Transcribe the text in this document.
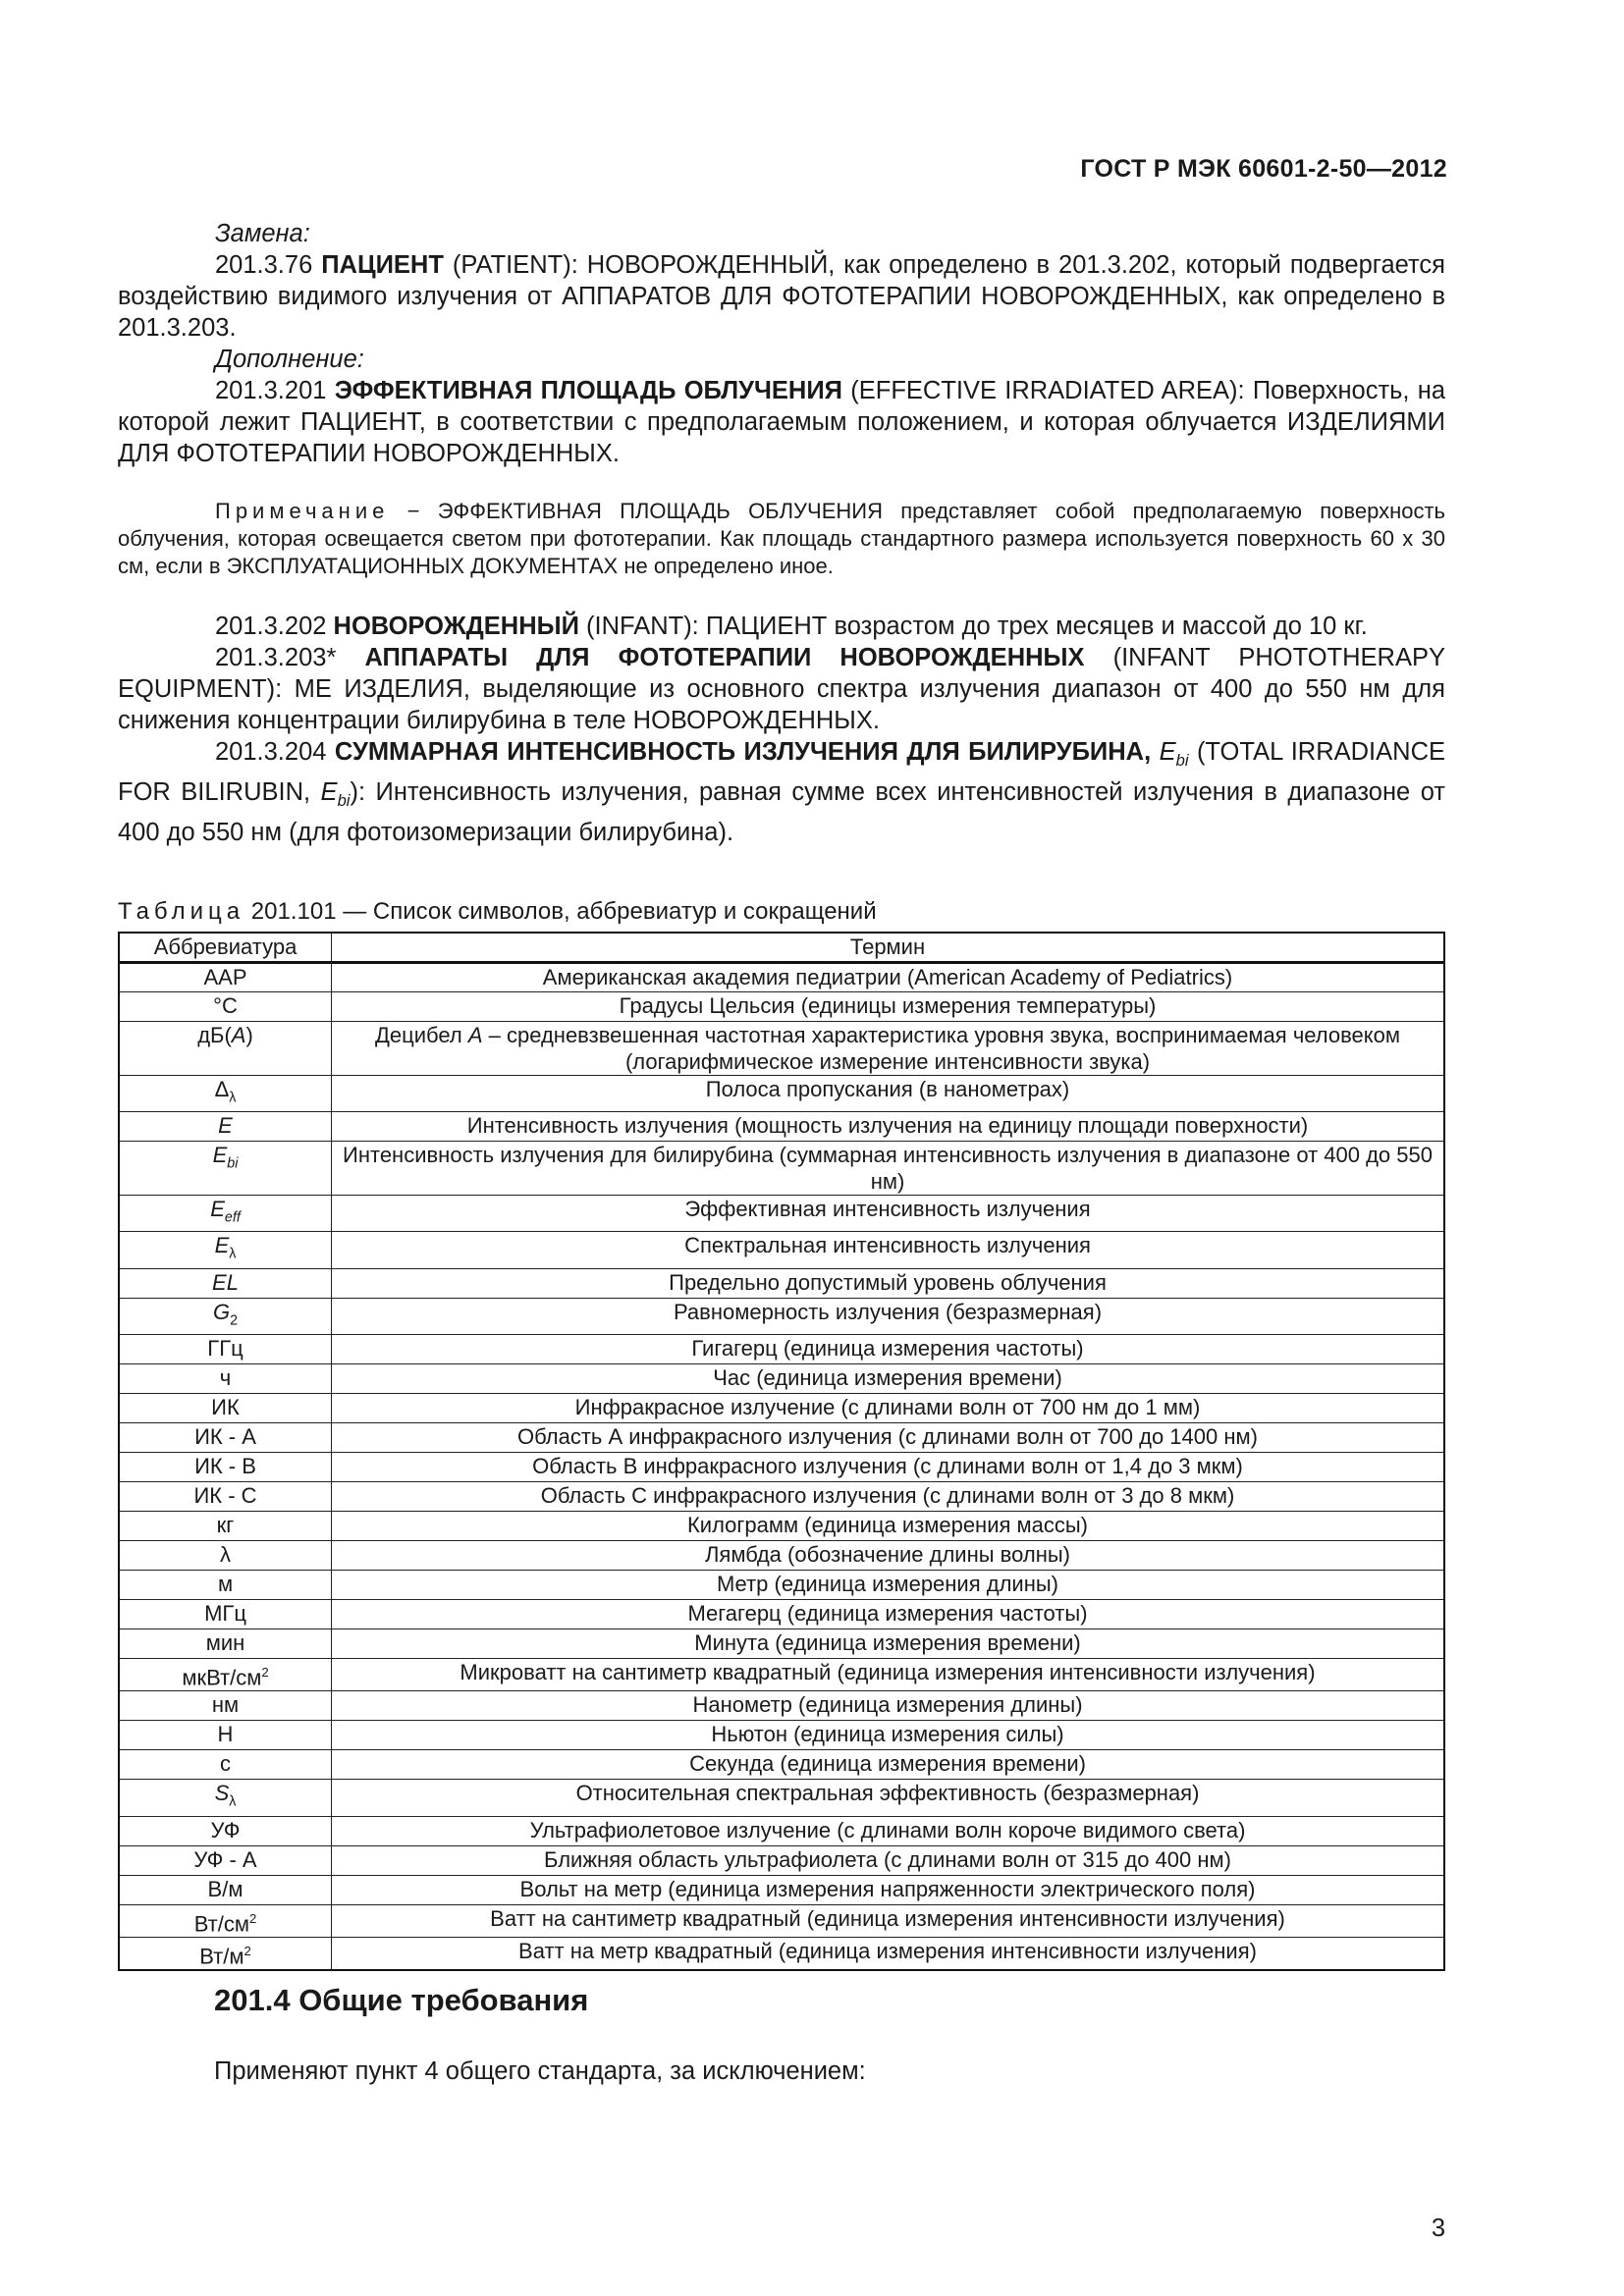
ГОСТ Р МЭК 60601-2-50—2012
Замена:

201.3.76 ПАЦИЕНТ (PATIENT): НОВОРОЖДЕННЫЙ, как определено в 201.3.202, который подвергается воздействию видимого излучения от АППАРАТОВ ДЛЯ ФОТОТЕРАПИИ НОВОРОЖДЕННЫХ, как определено в 201.3.203.

Дополнение:

201.3.201 ЭФФЕКТИВНАЯ ПЛОЩАДЬ ОБЛУЧЕНИЯ (EFFECTIVE IRRADIATED AREA): Поверхность, на которой лежит ПАЦИЕНТ, в соответствии с предполагаемым положением, и которая облучается ИЗДЕЛИЯМИ ДЛЯ ФОТОТЕРАПИИ НОВОРОЖДЕННЫХ.

Примечание − ЭФФЕКТИВНАЯ ПЛОЩАДЬ ОБЛУЧЕНИЯ представляет собой предполагаемую поверхность облучения, которая освещается светом при фототерапии. Как площадь стандартного размера используется поверхность 60 х 30 см, если в ЭКСПЛУАТАЦИОННЫХ ДОКУМЕНТАХ не определено иное.

201.3.202 НОВОРОЖДЕННЫЙ (INFANT): ПАЦИЕНТ возрастом до трех месяцев и массой до 10 кг.

201.3.203* АППАРАТЫ ДЛЯ ФОТОТЕРАПИИ НОВОРОЖДЕННЫХ (INFANT PHOTOTHERAPY EQUIPMENT): МЕ ИЗДЕЛИЯ, выделяющие из основного спектра излучения диапазон от 400 до 550 нм для снижения концентрации билирубина в теле НОВОРОЖДЕННЫХ.

201.3.204 СУММАРНАЯ ИНТЕНСИВНОСТЬ ИЗЛУЧЕНИЯ ДЛЯ БИЛИРУБИНА, $E_{bi}$ (TOTAL IRRADIANCE FOR BILIRUBIN, $E_{bi}$): Интенсивность излучения, равная сумме всех интенсивностей излучения в диапазоне от 400 до 550 нм (для фотоизомеризации билирубина).

Таблица 201.101 — Список символов, аббревиатур и сокращений
Аббревиатура	Термин
AAP	Американская академия педиатрии (American Academy of Pediatrics)
°C	Градусы Цельсия (единицы измерения температуры)
дБ(A)	Децибел A – средневзвешенная частотная характеристика уровня звука, воспринимаемая человеком (логарифмическое измерение интенсивности звука)
$\Delta_\lambda$	Полоса пропускания (в нанометрах)
E	Интенсивность излучения (мощность излучения на единицу площади поверхности)
$E_{bi}$	Интенсивность излучения для билирубина (суммарная интенсивность излучения в диапазоне от 400 до 550 нм)
$E_{eff}$	Эффективная интенсивность излучения
$E_\lambda$	Спектральная интенсивность излучения
EL	Предельно допустимый уровень облучения
$G_2$	Равномерность излучения (безразмерная)
ГГц	Гигагерц (единица измерения частоты)
ч	Час (единица измерения времени)
ИК	Инфракрасное излучение (с длинами волн от 700 нм до 1 мм)
ИК - А	Область А инфракрасного излучения (с длинами волн от 700 до 1400 нм)
ИК - В	Область В инфракрасного излучения (с длинами волн от 1,4 до 3 мкм)
ИК - С	Область С инфракрасного излучения (с длинами волн от 3 до 8 мкм)
кг	Килограмм (единица измерения массы)
λ	Лямбда (обозначение длины волны)
м	Метр (единица измерения длины)
МГц	Мегагерц (единица измерения частоты)
мин	Минута (единица измерения времени)
мкВт/$см^2$	Микроватт на сантиметр квадратный (единица измерения интенсивности излучения)
нм	Нанометр (единица измерения длины)
Н	Ньютон (единица измерения силы)
с	Секунда (единица измерения времени)
$S_\lambda$	Относительная спектральная эффективность (безразмерная)
УФ	Ультрафиолетовое излучение (с длинами волн короче видимого света)
УФ - А	Ближняя область ультрафиолета (с длинами волн от 315 до 400 нм)
В/м	Вольт на метр (единица измерения напряженности электрического поля)
$Вт/см^2$	Ватт на сантиметр квадратный (единица измерения интенсивности излучения)
$Вт/м^2$	Ватт на метр квадратный (единица измерения интенсивности излучения)
201.4 Общие требования
Применяют пункт 4 общего стандарта, за исключением:
3
